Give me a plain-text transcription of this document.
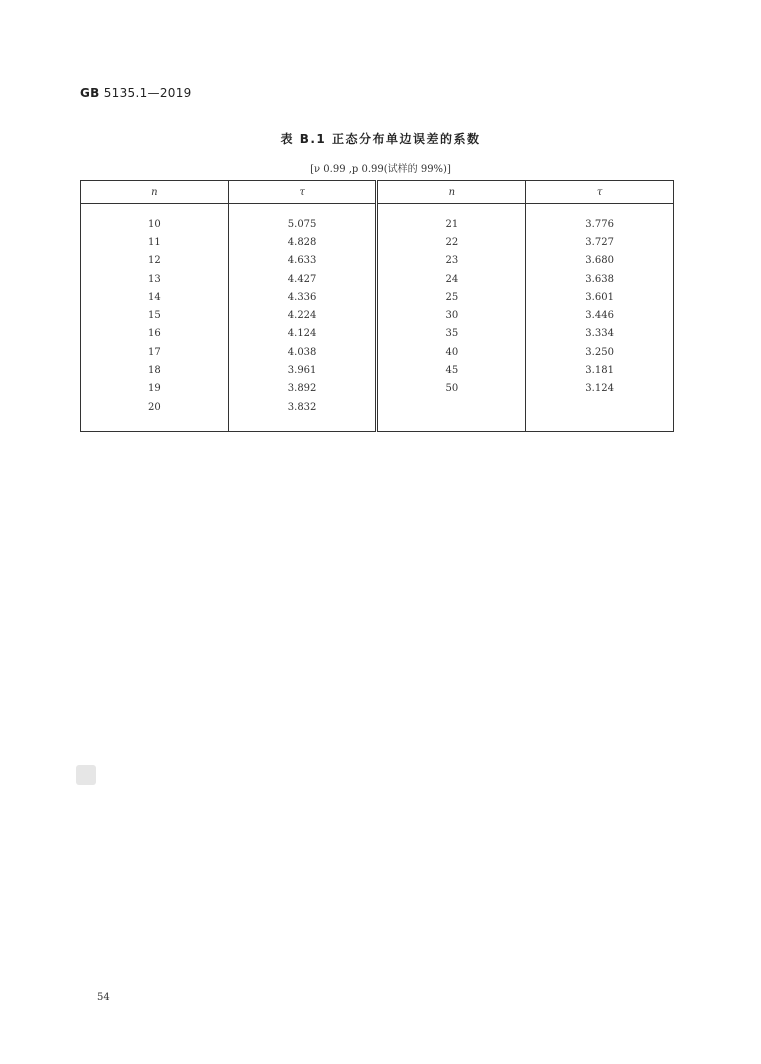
GB 5135.1—2019
表 B.1 正态分布单边误差的系数
[ν 0.99 ,p 0.99(试样的 99%)]
n	τ	n	τ

10	5.075	21	3.776
11	4.828	22	3.727
12	4.633	23	3.680
13	4.427	24	3.638
14	4.336	25	3.601
15	4.224	30	3.446
16	4.124	35	3.334
17	4.038	40	3.250
18	3.961	45	3.181
19	3.892	50	3.124
20	3.832		

54
